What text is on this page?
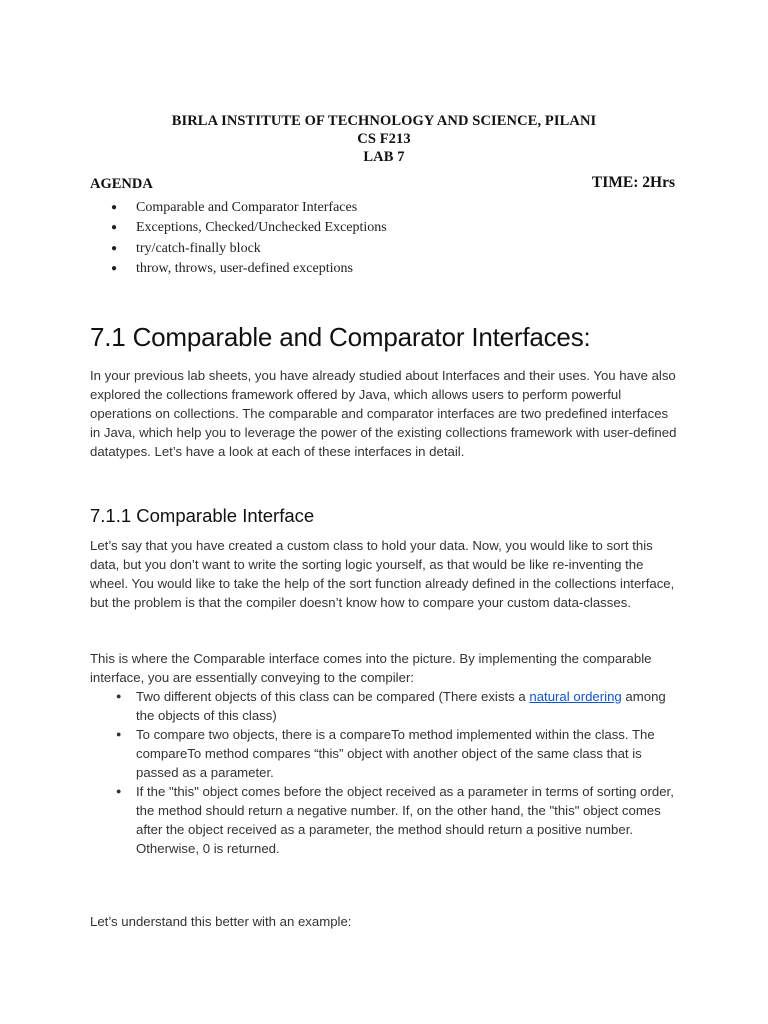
BIRLA INSTITUTE OF TECHNOLOGY AND SCIENCE, PILANI
CS F213
LAB 7
AGENDA	TIME: 2Hrs
● Comparable and Comparator Interfaces
● Exceptions, Checked/Unchecked Exceptions
● try/catch-finally block
● throw, throws, user-defined exceptions
7.1 Comparable and Comparator Interfaces:

In your previous lab sheets, you have already studied about Interfaces and their uses. You have also explored the collections framework offered by Java, which allows users to perform powerful operations on collections. The comparable and comparator interfaces are two predefined interfaces in Java, which help you to leverage the power of the existing collections framework with user-defined datatypes. Let’s have a look at each of these interfaces in detail.

7.1.1 Comparable Interface

Let’s say that you have created a custom class to hold your data. Now, you would like to sort this data, but you don’t want to write the sorting logic yourself, as that would be like re-inventing the wheel. You would like to take the help of the sort function already defined in the collections interface, but the problem is that the compiler doesn’t know how to compare your custom data-classes.

This is where the Comparable interface comes into the picture. By implementing the comparable interface, you are essentially conveying to the compiler:

● Two different objects of this class can be compared (There exists a natural ordering among the objects of this class)
● To compare two objects, there is a compareTo method implemented within the class. The compareTo method compares “this” object with another object of the same class that is passed as a parameter.
● If the "this" object comes before the object received as a parameter in terms of sorting order, the method should return a negative number. If, on the other hand, the "this" object comes after the object received as a parameter, the method should return a positive number. Otherwise, 0 is returned.

Let’s understand this better with an example:
